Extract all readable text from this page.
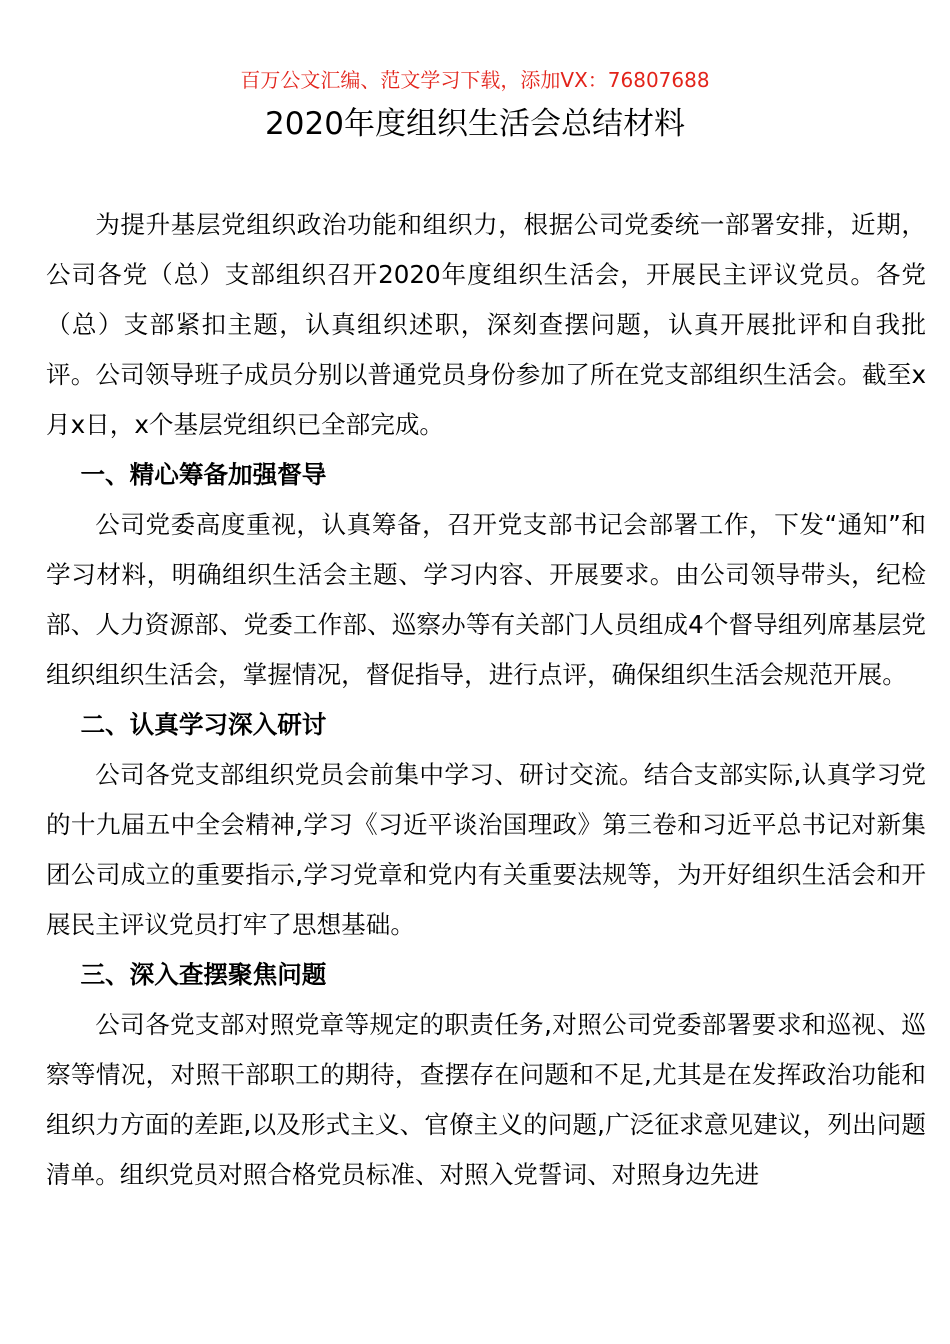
百万公文汇编、范文学习下载，添加VX：76807688
2020年度组织生活会总结材料

为提升基层党组织政治功能和组织力，根据公司党委统一部署安排，近期，公司各党（总）支部组织召开2020年度组织生活会，开展民主评议党员。各党（总）支部紧扣主题，认真组织述职，深刻查摆问题，认真开展批评和自我批评。公司领导班子成员分别以普通党员身份参加了所在党支部组织生活会。截至x月x日，x个基层党组织已全部完成。

一、精心筹备加强督导

公司党委高度重视，认真筹备，召开党支部书记会部署工作，下发“通知”和学习材料，明确组织生活会主题、学习内容、开展要求。由公司领导带头，纪检部、人力资源部、党委工作部、巡察办等有关部门人员组成4个督导组列席基层党组织组织生活会，掌握情况，督促指导，进行点评，确保组织生活会规范开展。

二、认真学习深入研讨

公司各党支部组织党员会前集中学习、研讨交流。结合支部实际,认真学习党的十九届五中全会精神,学习《习近平谈治国理政》第三卷和习近平总书记对新集团公司成立的重要指示,学习党章和党内有关重要法规等，为开好组织生活会和开展民主评议党员打牢了思想基础。

三、深入查摆聚焦问题

公司各党支部对照党章等规定的职责任务,对照公司党委部署要求和巡视、巡察等情况，对照干部职工的期待，查摆存在问题和不足,尤其是在发挥政治功能和组织力方面的差距,以及形式主义、官僚主义的问题,广泛征求意见建议，列出问题清单。组织党员对照合格党员标准、对照入党誓词、对照身边先进
